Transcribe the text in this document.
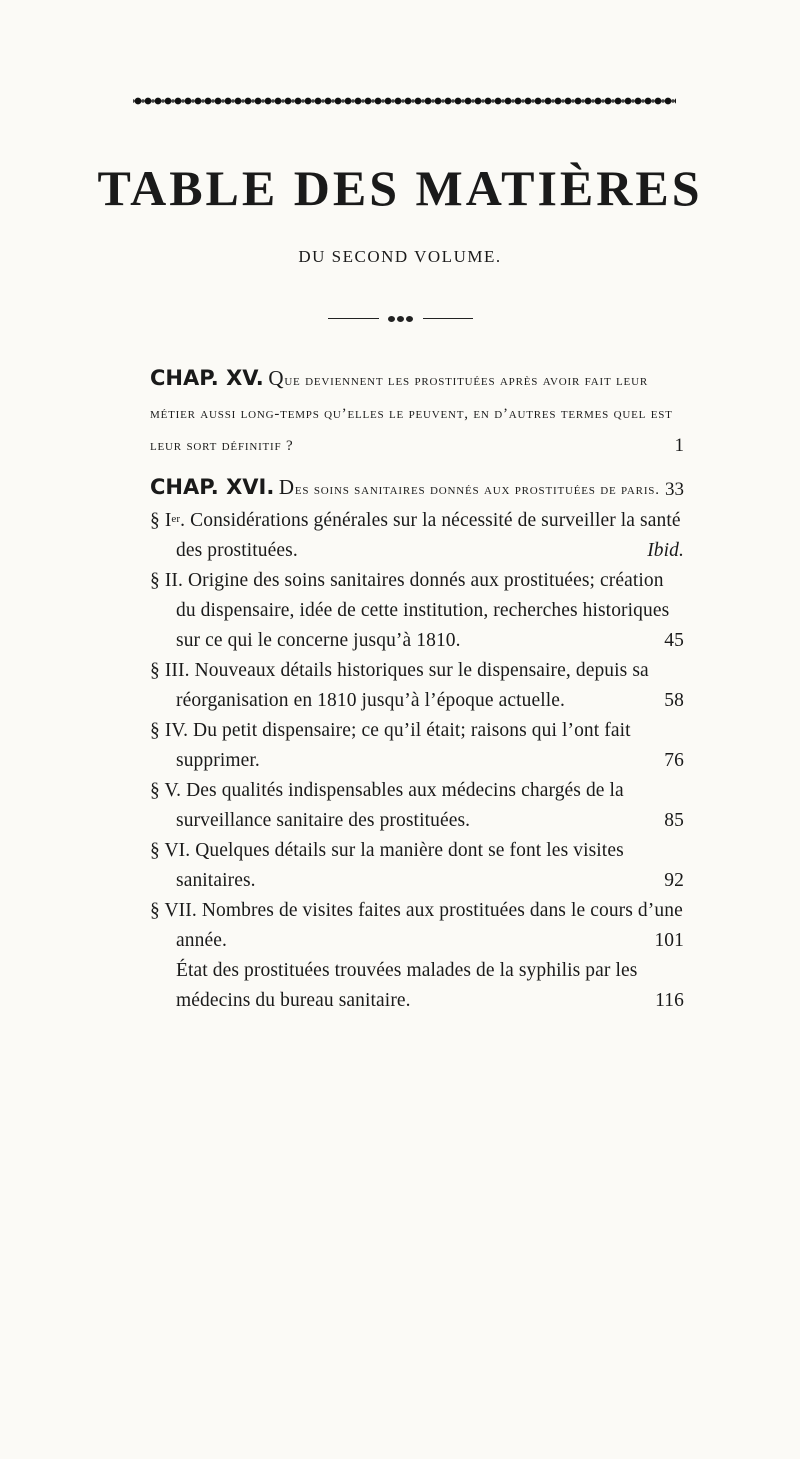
TABLE DES MATIÈRES
DU SECOND VOLUME.
CHAP. XV. Que deviennent les prostituées après avoir fait leur métier aussi long-temps qu’elles le peuvent, en d’autres termes quel est leur sort définitif ?	1
CHAP. XVI. Des soins sanitaires donnés aux prostituées de paris. 33
§ Ier. Considérations générales sur la nécessité de surveiller la santé des prostituées.	Ibid.
§ II. Origine des soins sanitaires donnés aux prostituées; création du dispensaire, idée de cette institution, recherches historiques sur ce qui le concerne jusqu’à 1810.	45
§ III. Nouveaux détails historiques sur le dispensaire, depuis sa réorganisation en 1810 jusqu’à l’époque actuelle.	58
§ IV. Du petit dispensaire; ce qu’il était; raisons qui l’ont fait supprimer.	76
§ V. Des qualités indispensables aux médecins chargés de la surveillance sanitaire des prostituées.	85
§ VI. Quelques détails sur la manière dont se font les visites sanitaires.	92
§ VII. Nombres de visites faites aux prostituées dans le cours d’une année.	101
État des prostituées trouvées malades de la syphilis par les médecins du bureau sanitaire.	116
